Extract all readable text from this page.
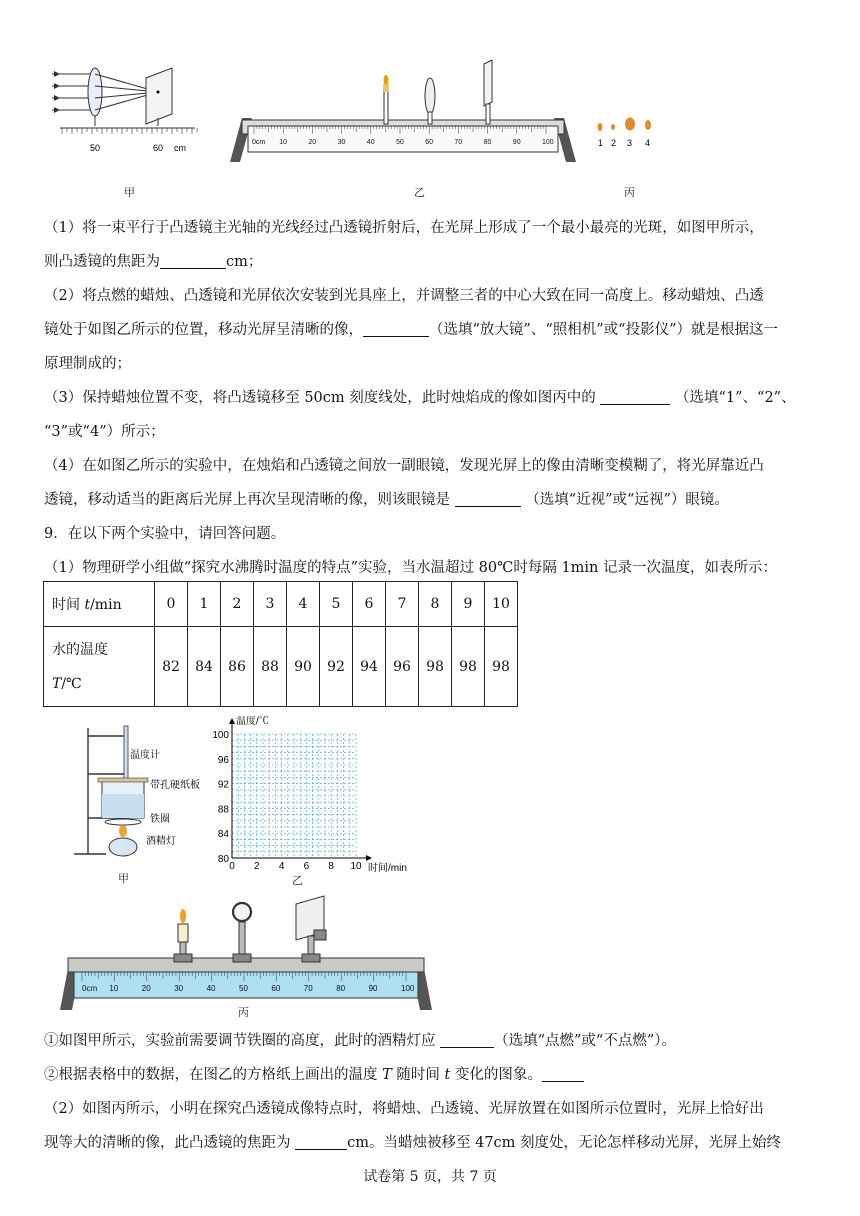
50	60 cm
甲
0cm 10	20	30	40	50	60	70	80	90	100
乙
1 2 3 4
丙
（1）将一束平行于凸透镜主光轴的光线经过凸透镜折射后，在光屏上形成了一个最小最亮的光斑，如图甲所示，
则凸透镜的焦距为	cm；
（2）将点燃的蜡烛、凸透镜和光屏依次安装到光具座上，并调整三者的中心大致在同一高度上。移动蜡烛、凸透
镜处于如图乙所示的位置，移动光屏呈清晰的像，	（选填“放大镜”、“照相机”或“投影仪”）就是根据这一
原理制成的；
（3）保持蜡烛位置不变，将凸透镜移至 50cm 刻度线处，此时烛焰成的像如图丙中的	（选填“1”、“2”、
“3”或“4”）所示；
（4）在如图乙所示的实验中，在烛焰和凸透镜之间放一副眼镜，发现光屏上的像由清晰变模糊了，将光屏靠近凸
透镜，移动适当的距离后光屏上再次呈现清晰的像，则该眼镜是	（选填“近视”或“远视”）眼镜。
9．在以下两个实验中，请回答问题。
（1）物理研学小组做“探究水沸腾时温度的特点”实验，当水温超过 80℃时每隔 1min 记录一次温度，如表所示：
时间 t/min	0	1	2	3	4	5	6	7	8	9	10

水的温度
T/℃	82	84	86	88	90	92	94	96	98	98	98
温度计
带孔硬纸板
铁圈
酒精灯
甲
温度/℃
时间/min
100
96
92
88
84
80
0 2 4 6 8 10
乙
0cm 10	20	30	40	50	60	70	80	90	100
丙
①如图甲所示，实验前需要调节铁圈的高度，此时的酒精灯应	（选填“点燃”或“不点燃”）。
②根据表格中的数据，在图乙的方格纸上画出的温度 T 随时间 t 变化的图象。
（2）如图丙所示，小明在探究凸透镜成像特点时，将蜡烛、凸透镜、光屏放置在如图所示位置时，光屏上恰好出
现等大的清晰的像，此凸透镜的焦距为	cm。当蜡烛被移至 47cm 刻度处，无论怎样移动光屏，光屏上始终
试卷第 5 页，共 7 页
